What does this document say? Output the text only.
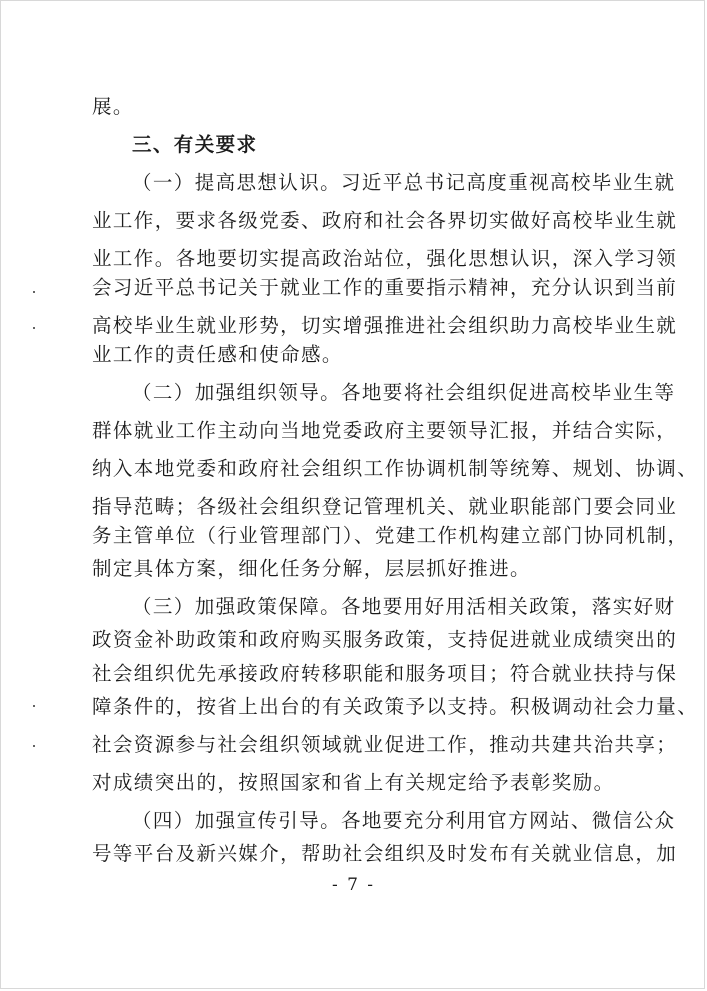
展。
三、有关要求
（一）提高思想认识。习近平总书记高度重视高校毕业生就
业工作，要求各级党委、政府和社会各界切实做好高校毕业生就
业工作。各地要切实提高政治站位，强化思想认识，深入学习领
会习近平总书记关于就业工作的重要指示精神，充分认识到当前
高校毕业生就业形势，切实增强推进社会组织助力高校毕业生就
业工作的责任感和使命感。
（二）加强组织领导。各地要将社会组织促进高校毕业生等
群体就业工作主动向当地党委政府主要领导汇报，并结合实际，
纳入本地党委和政府社会组织工作协调机制等统筹、规划、协调、
指导范畴；各级社会组织登记管理机关、就业职能部门要会同业
务主管单位（行业管理部门）、党建工作机构建立部门协同机制，
制定具体方案，细化任务分解，层层抓好推进。
（三）加强政策保障。各地要用好用活相关政策，落实好财
政资金补助政策和政府购买服务政策，支持促进就业成绩突出的
社会组织优先承接政府转移职能和服务项目；符合就业扶持与保
障条件的，按省上出台的有关政策予以支持。积极调动社会力量、
社会资源参与社会组织领域就业促进工作，推动共建共治共享；
对成绩突出的，按照国家和省上有关规定给予表彰奖励。
（四）加强宣传引导。各地要充分利用官方网站、微信公众
号等平台及新兴媒介，帮助社会组织及时发布有关就业信息，加
- 7 -
